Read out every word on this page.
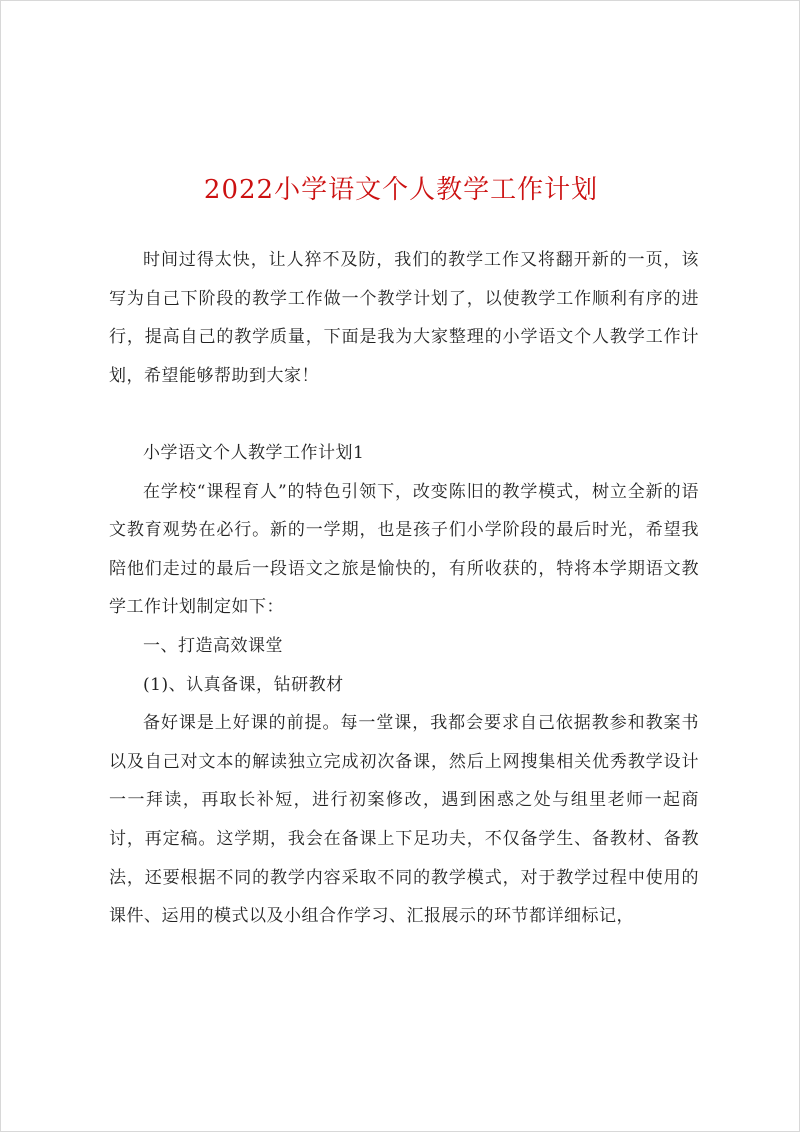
2022小学语文个人教学工作计划

时间过得太快，让人猝不及防，我们的教学工作又将翻开新的一页，该写为自己下阶段的教学工作做一个教学计划了，以使教学工作顺利有序的进行，提高自己的教学质量，下面是我为大家整理的小学语文个人教学工作计划，希望能够帮助到大家！

小学语文个人教学工作计划1

在学校“课程育人”的特色引领下，改变陈旧的教学模式，树立全新的语文教育观势在必行。新的一学期，也是孩子们小学阶段的最后时光，希望我陪他们走过的最后一段语文之旅是愉快的，有所收获的，特将本学期语文教学工作计划制定如下：

一、打造高效课堂

(1)、认真备课，钻研教材

备好课是上好课的前提。每一堂课，我都会要求自己依据教参和教案书以及自己对文本的解读独立完成初次备课，然后上网搜集相关优秀教学设计一一拜读，再取长补短，进行初案修改，遇到困惑之处与组里老师一起商讨，再定稿。这学期，我会在备课上下足功夫，不仅备学生、备教材、备教法，还要根据不同的教学内容采取不同的教学模式，对于教学过程中使用的课件、运用的模式以及小组合作学习、汇报展示的环节都详细标记，
